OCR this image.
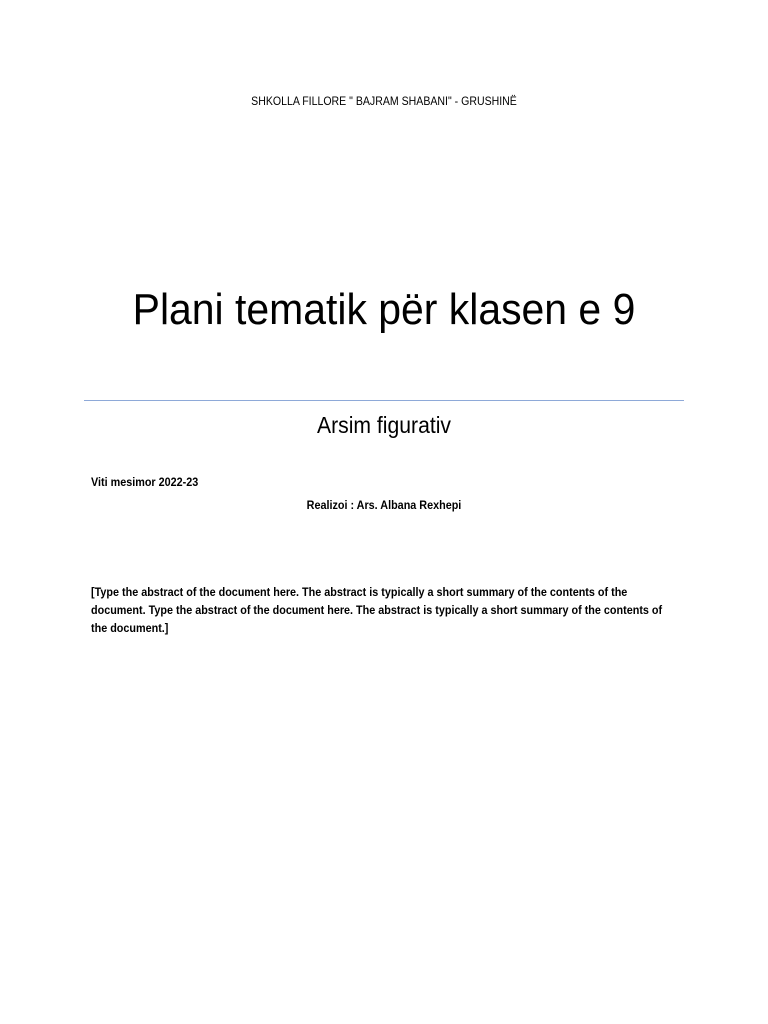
SHKOLLA FILLORE " BAJRAM SHABANI" - GRUSHINË
Plani tematik për klasen e 9
Arsim figurativ
Viti mesimor 2022-23
Realizoi : Ars. Albana Rexhepi
[Type the abstract of the document here. The abstract is typically a short summary of the contents of the document. Type the abstract of the document here. The abstract is typically a short summary of the contents of the document.]
